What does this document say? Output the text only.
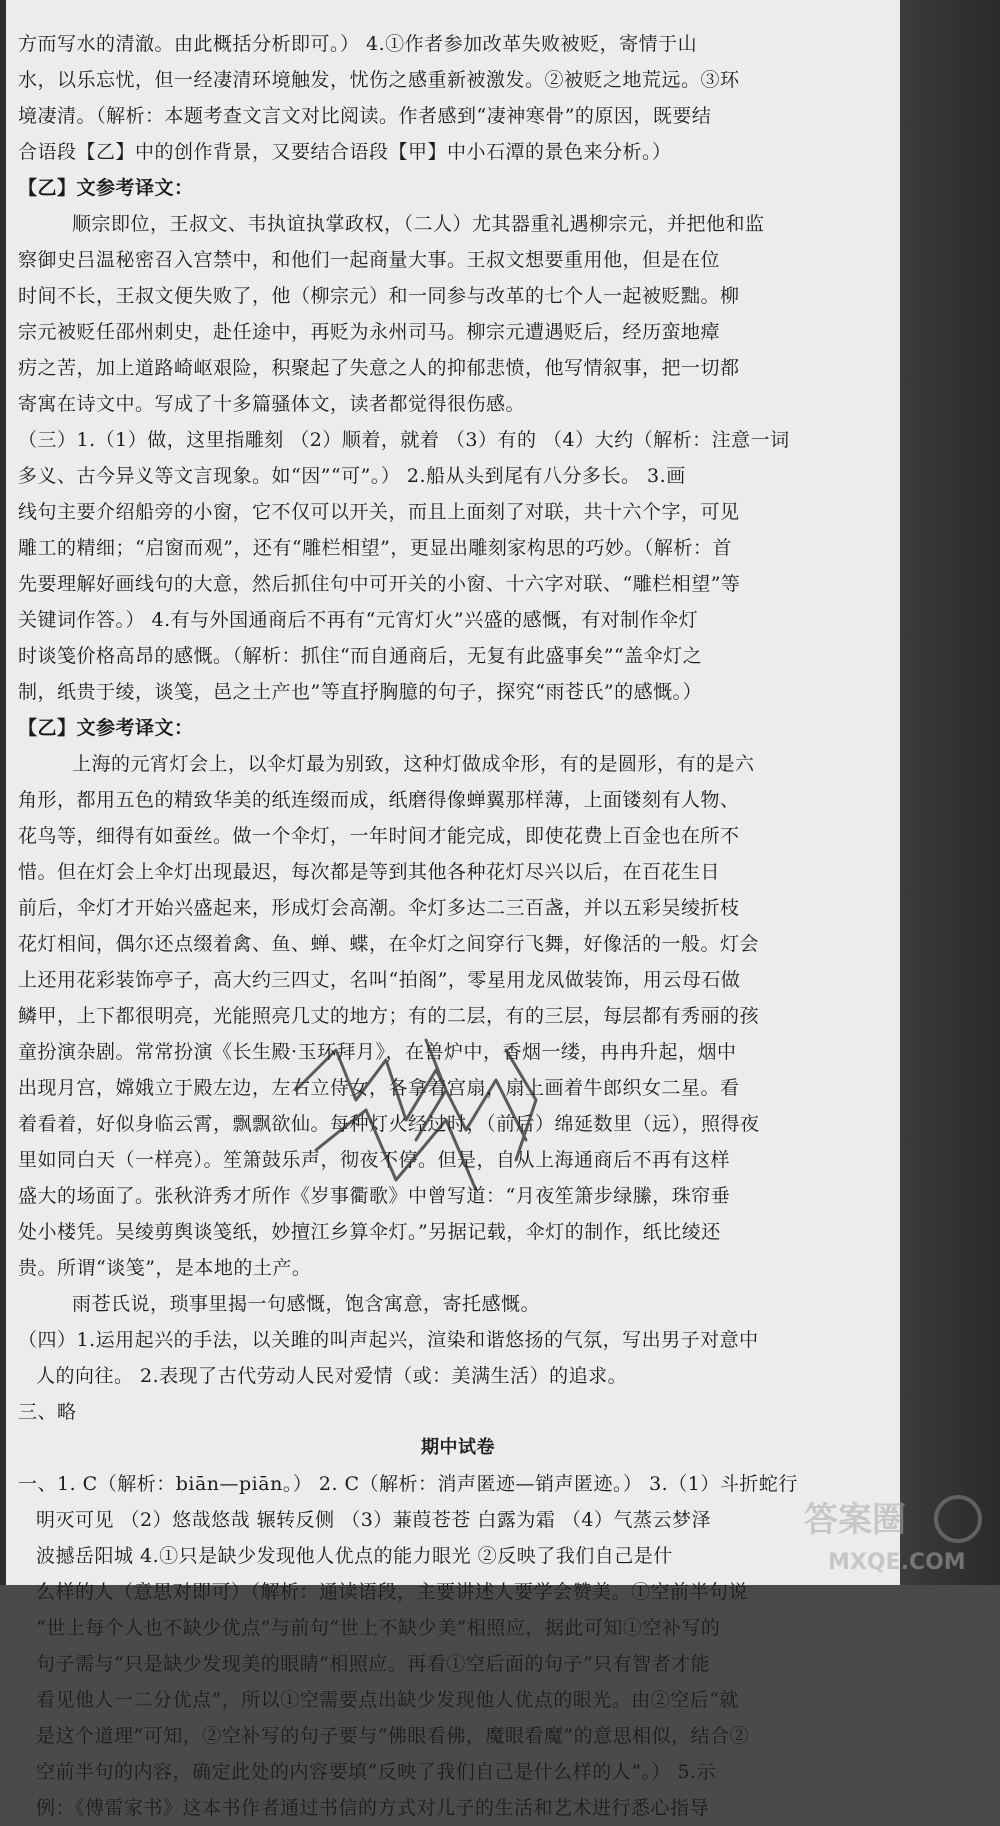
方而写水的清澈。由此概括分析即可。） 4.①作者参加改革失败被贬，寄情于山
水，以乐忘忧，但一经凄清环境触发，忧伤之感重新被激发。②被贬之地荒远。③环
境凄清。（解析：本题考查文言文对比阅读。作者感到“凄神寒骨”的原因，既要结
合语段【乙】中的创作背景，又要结合语段【甲】中小石潭的景色来分析。）
【乙】文参考译文：
顺宗即位，王叔文、韦执谊执掌政权，（二人）尤其器重礼遇柳宗元，并把他和监
察御史吕温秘密召入宫禁中，和他们一起商量大事。王叔文想要重用他，但是在位
时间不长，王叔文便失败了，他（柳宗元）和一同参与改革的七个人一起被贬黜。柳
宗元被贬任邵州刺史，赴任途中，再贬为永州司马。柳宗元遭遇贬后，经历蛮地瘴
疠之苦，加上道路崎岖艰险，积聚起了失意之人的抑郁悲愤，他写情叙事，把一切都
寄寓在诗文中。写成了十多篇骚体文，读者都觉得很伤感。
（三）1.（1）做，这里指雕刻 （2）顺着，就着 （3）有的 （4）大约（解析：注意一词
多义、古今异义等文言现象。如“因”“可”。） 2.船从头到尾有八分多长。 3.画
线句主要介绍船旁的小窗，它不仅可以开关，而且上面刻了对联，共十六个字，可见
雕工的精细；“启窗而观”，还有“雕栏相望”，更显出雕刻家构思的巧妙。（解析：首
先要理解好画线句的大意，然后抓住句中可开关的小窗、十六字对联、“雕栏相望”等
关键词作答。） 4.有与外国通商后不再有“元宵灯火”兴盛的感慨，有对制作伞灯
时谈笺价格高昂的感慨。（解析：抓住“而自通商后，无复有此盛事矣”“盖伞灯之
制，纸贵于绫，谈笺，邑之土产也”等直抒胸臆的句子，探究“雨苍氏”的感慨。）
【乙】文参考译文：
上海的元宵灯会上，以伞灯最为别致，这种灯做成伞形，有的是圆形，有的是六
角形，都用五色的精致华美的纸连缀而成，纸磨得像蝉翼那样薄，上面镂刻有人物、
花鸟等，细得有如蚕丝。做一个伞灯，一年时间才能完成，即使花费上百金也在所不
惜。但在灯会上伞灯出现最迟，每次都是等到其他各种花灯尽兴以后，在百花生日
前后，伞灯才开始兴盛起来，形成灯会高潮。伞灯多达二三百盏，并以五彩吴绫折枝
花灯相间，偶尔还点缀着禽、鱼、蝉、蝶，在伞灯之间穿行飞舞，好像活的一般。灯会
上还用花彩装饰亭子，高大约三四丈，名叫“拍阁”，零星用龙凤做装饰，用云母石做
鳞甲，上下都很明亮，光能照亮几丈的地方；有的二层，有的三层，每层都有秀丽的孩
童扮演杂剧。常常扮演《长生殿·玉环拜月》，在兽炉中，香烟一缕，冉冉升起，烟中
出现月宫，嫦娥立于殿左边，左右立侍女，各拿着宫扇，扇上画着牛郎织女二星。看
着看着，好似身临云霄，飘飘欲仙。每种灯火经过时，（前后）绵延数里（远），照得夜
里如同白天（一样亮）。笙箫鼓乐声，彻夜不停。但是，自从上海通商后不再有这样
盛大的场面了。张秋浒秀才所作《岁事衢歌》中曾写道：“月夜笙箫步绿縢，珠帘垂
处小楼凭。吴绫剪舆谈笺纸，妙擅江乡算伞灯。”另据记载，伞灯的制作，纸比绫还
贵。所谓“谈笺”，是本地的土产。
雨苍氏说，琐事里揭一句感慨，饱含寓意，寄托感慨。
（四）1.运用起兴的手法，以关雎的叫声起兴，渲染和谐悠扬的气氛，写出男子对意中
人的向往。 2.表现了古代劳动人民对爱情（或：美满生活）的追求。
三、略
期中试卷
一、1. C（解析：biān—piān。） 2. C（解析：消声匿迹—销声匿迹。） 3.（1）斗折蛇行
明灭可见 （2）悠哉悠哉 辗转反侧 （3）蒹葭苍苍 白露为霜 （4）气蒸云梦泽
波撼岳阳城 4.①只是缺少发现他人优点的能力眼光 ②反映了我们自己是什
么样的人（意思对即可）（解析：通读语段，主要讲述人要学会赞美。①空前半句说
“世上每个人也不缺少优点”与前句“世上不缺少美”相照应，据此可知①空补写的
句子需与“只是缺少发现美的眼睛”相照应。再看①空后面的句子“只有智者才能
看见他人一二分优点”，所以①空需要点出缺少发现他人优点的眼光。由②空后“就
是这个道理”可知，②空补写的句子要与“佛眼看佛，魔眼看魔”的意思相似，结合②
空前半句的内容，确定此处的内容要填“反映了我们自己是什么样的人”。） 5.示
例：《傅雷家书》这本书作者通过书信的方式对儿子的生活和艺术进行悉心指导
答案圈
MXQE.COM
